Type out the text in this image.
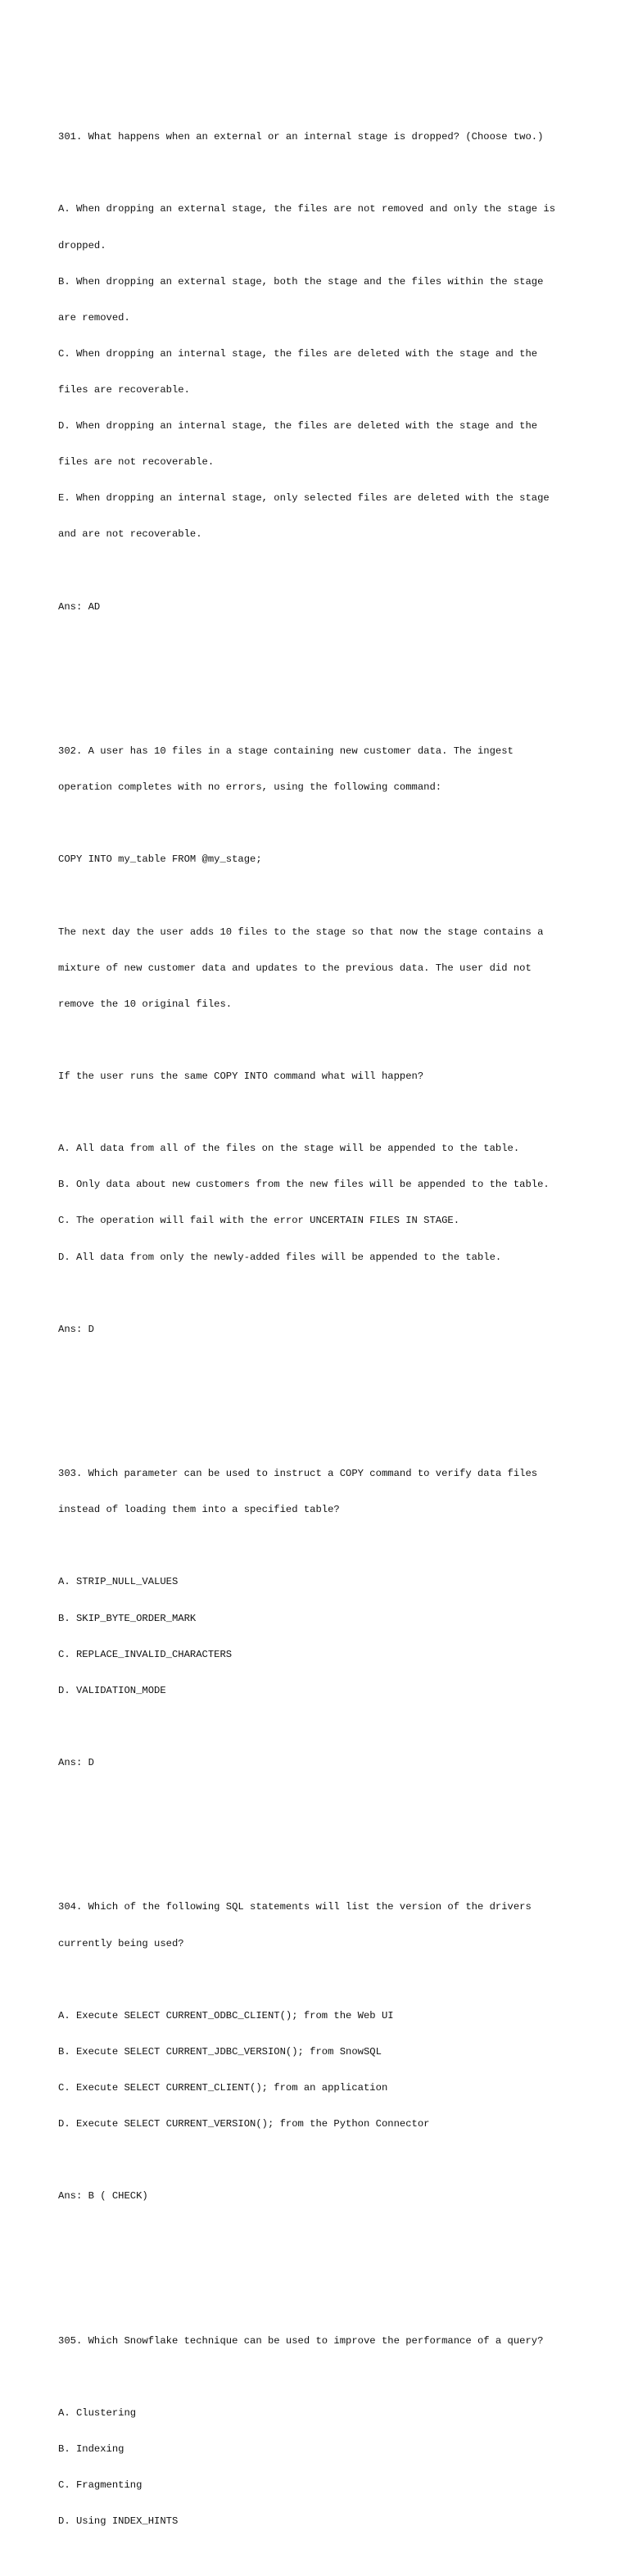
301. What happens when an external or an internal stage is dropped? (Choose two.)

A. When dropping an external stage, the files are not removed and only the stage is

dropped.

B. When dropping an external stage, both the stage and the files within the stage

are removed.

C. When dropping an internal stage, the files are deleted with the stage and the

files are recoverable.

D. When dropping an internal stage, the files are deleted with the stage and the

files are not recoverable.

E. When dropping an internal stage, only selected files are deleted with the stage

and are not recoverable.

Ans: AD

302. A user has 10 files in a stage containing new customer data. The ingest

operation completes with no errors, using the following command:

COPY INTO my_table FROM @my_stage;

The next day the user adds 10 files to the stage so that now the stage contains a

mixture of new customer data and updates to the previous data. The user did not

remove the 10 original files.

If the user runs the same COPY INTO command what will happen?

A. All data from all of the files on the stage will be appended to the table.

B. Only data about new customers from the new files will be appended to the table.

C. The operation will fail with the error UNCERTAIN FILES IN STAGE.

D. All data from only the newly-added files will be appended to the table.

Ans: D

303. Which parameter can be used to instruct a COPY command to verify data files

instead of loading them into a specified table?

A. STRIP_NULL_VALUES

B. SKIP_BYTE_ORDER_MARK

C. REPLACE_INVALID_CHARACTERS

D. VALIDATION_MODE

Ans: D

304. Which of the following SQL statements will list the version of the drivers

currently being used?

A. Execute SELECT CURRENT_ODBC_CLIENT(); from the Web UI

B. Execute SELECT CURRENT_JDBC_VERSION(); from SnowSQL

C. Execute SELECT CURRENT_CLIENT(); from an application

D. Execute SELECT CURRENT_VERSION(); from the Python Connector

Ans: B ( CHECK)

305. Which Snowflake technique can be used to improve the performance of a query?

A. Clustering

B. Indexing

C. Fragmenting

D. Using INDEX_HINTS
